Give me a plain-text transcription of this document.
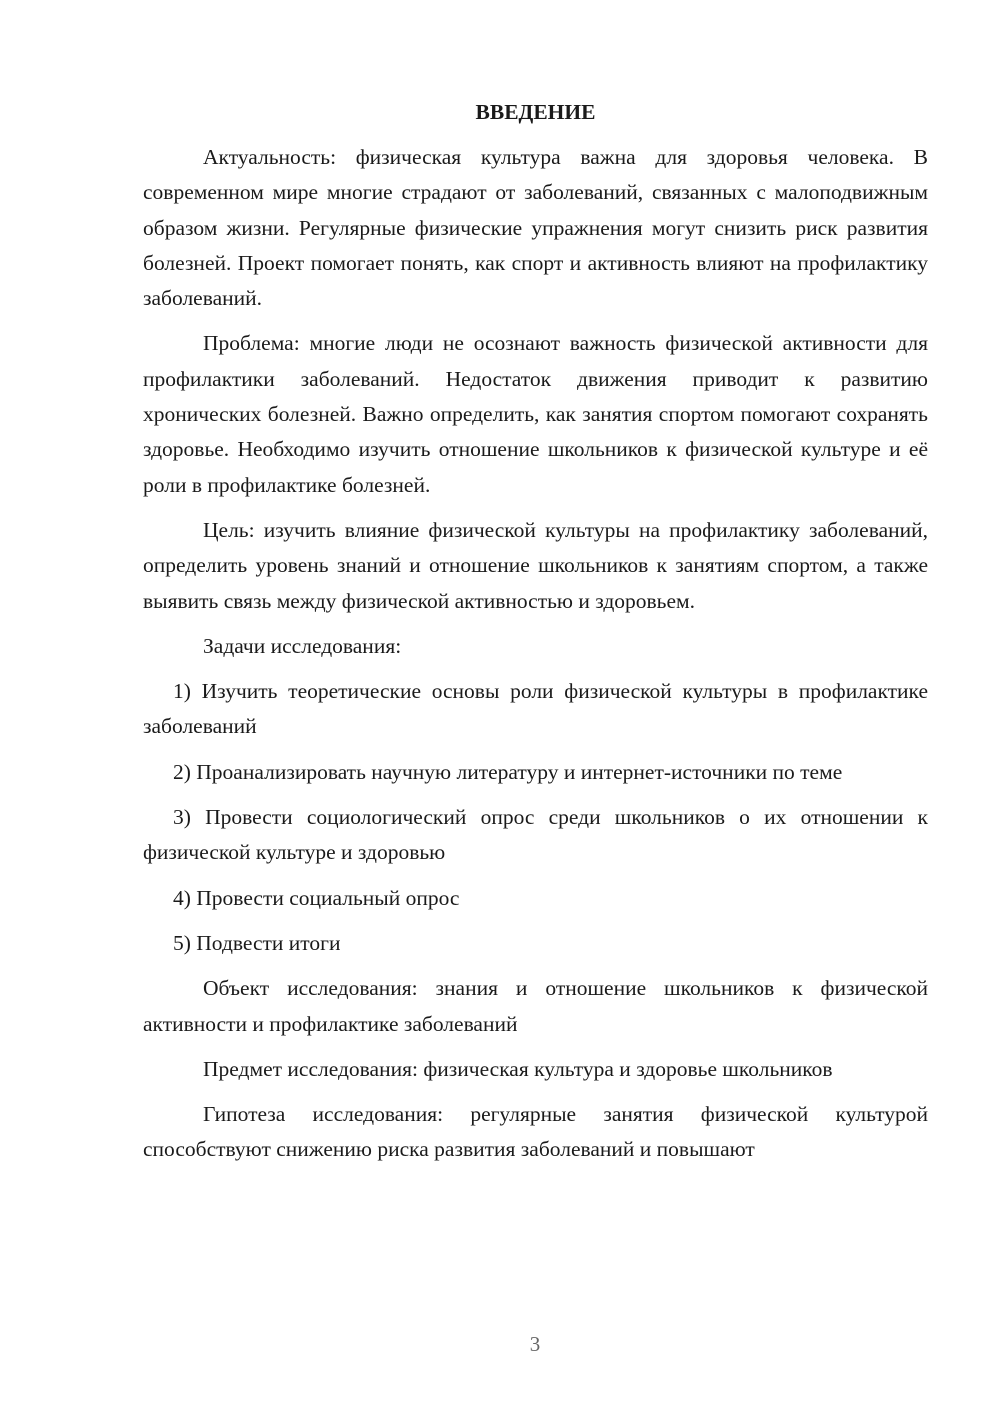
ВВЕДЕНИЕ

Актуальность: физическая культура важна для здоровья человека. В современном мире многие страдают от заболеваний, связанных с малоподвижным образом жизни. Регулярные физические упражнения могут снизить риск развития болезней. Проект помогает понять, как спорт и активность влияют на профилактику заболеваний.

Проблема: многие люди не осознают важность физической активности для профилактики заболеваний. Недостаток движения приводит к развитию хронических болезней. Важно определить, как занятия спортом помогают сохранять здоровье. Необходимо изучить отношение школьников к физической культуре и её роли в профилактике болезней.

Цель: изучить влияние физической культуры на профилактику заболеваний, определить уровень знаний и отношение школьников к занятиям спортом, а также выявить связь между физической активностью и здоровьем.

Задачи исследования:

1) Изучить теоретические основы роли физической культуры в профилактике заболеваний

2) Проанализировать научную литературу и интернет-источники по теме

3) Провести социологический опрос среди школьников о их отношении к физической культуре и здоровью

4) Провести социальный опрос

5) Подвести итоги

Объект исследования: знания и отношение школьников к физической активности и профилактике заболеваний

Предмет исследования: физическая культура и здоровье школьников

Гипотеза исследования: регулярные занятия физической культурой способствуют снижению риска развития заболеваний и повышают

3
